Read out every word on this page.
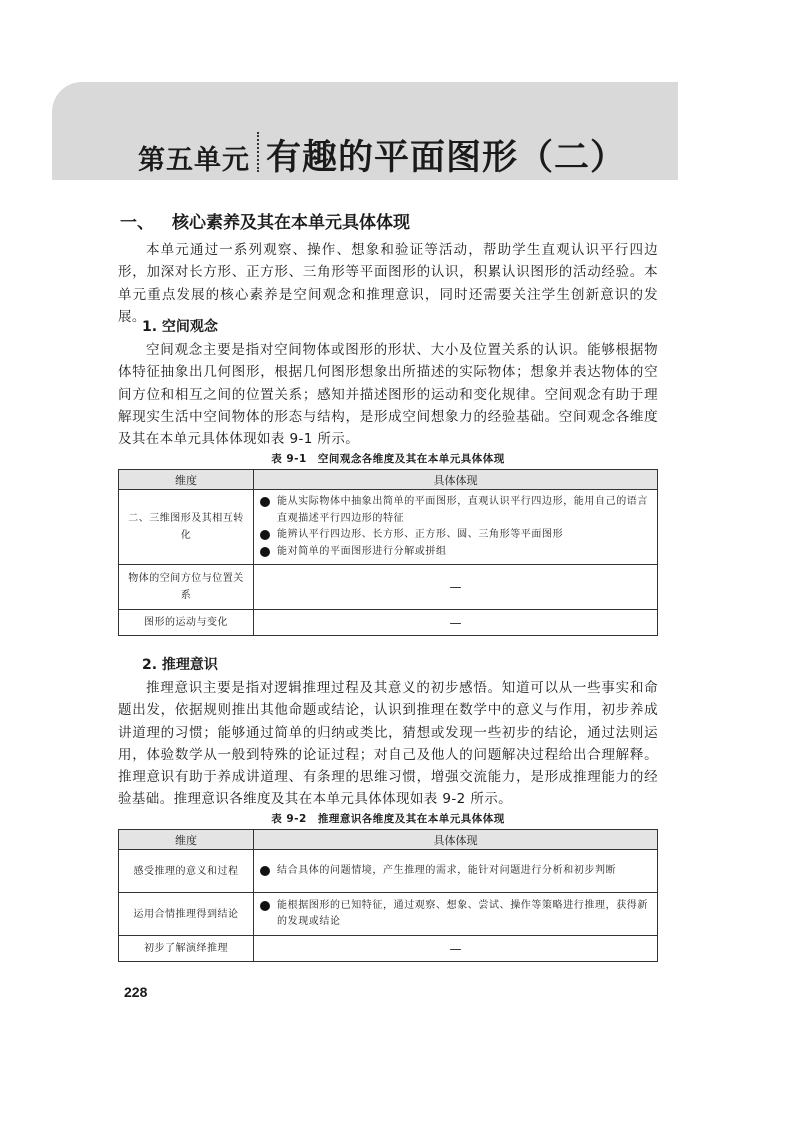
第五单元 有趣的平面图形（二）
一、 核心素养及其在本单元具体体现

本单元通过一系列观察、操作、想象和验证等活动，帮助学生直观认识平行四边形，加深对长方形、正方形、三角形等平面图形的认识，积累认识图形的活动经验。本单元重点发展的核心素养是空间观念和推理意识，同时还需要关注学生创新意识的发展。

1. 空间观念

空间观念主要是指对空间物体或图形的形状、大小及位置关系的认识。能够根据物体特征抽象出几何图形，根据几何图形想象出所描述的实际物体；想象并表达物体的空间方位和相互之间的位置关系；感知并描述图形的运动和变化规律。空间观念有助于理解现实生活中空间物体的形态与结构，是形成空间想象力的经验基础。空间观念各维度及其在本单元具体体现如表 9-1 所示。

表 9-1　空间观念各维度及其在本单元具体体现
维度	具体体现
二、三维图形及其相互转化	能从实际物体中抽象出简单的平面图形，直观认识平行四边形，能用自己的语言直观描述平行四边形的特征
能辨认平行四边形、长方形、正方形、圆、三角形等平面图形
能对简单的平面图形进行分解或拼组

物体的空间方位与位置关系	—
图形的运动与变化	—
2. 推理意识

推理意识主要是指对逻辑推理过程及其意义的初步感悟。知道可以从一些事实和命题出发，依据规则推出其他命题或结论，认识到推理在数学中的意义与作用，初步养成讲道理的习惯；能够通过简单的归纳或类比，猜想或发现一些初步的结论，通过法则运用，体验数学从一般到特殊的论证过程；对自己及他人的问题解决过程给出合理解释。推理意识有助于养成讲道理、有条理的思维习惯，增强交流能力，是形成推理能力的经验基础。推理意识各维度及其在本单元具体体现如表 9-2 所示。

表 9-2　推理意识各维度及其在本单元具体体现
维度	具体体现
感受推理的意义和过程	结合具体的问题情境，产生推理的需求，能针对问题进行分析和初步判断

运用合情推理得到结论	能根据图形的已知特征，通过观察、想象、尝试、操作等策略进行推理，获得新的发现或结论

初步了解演绎推理	—
228
